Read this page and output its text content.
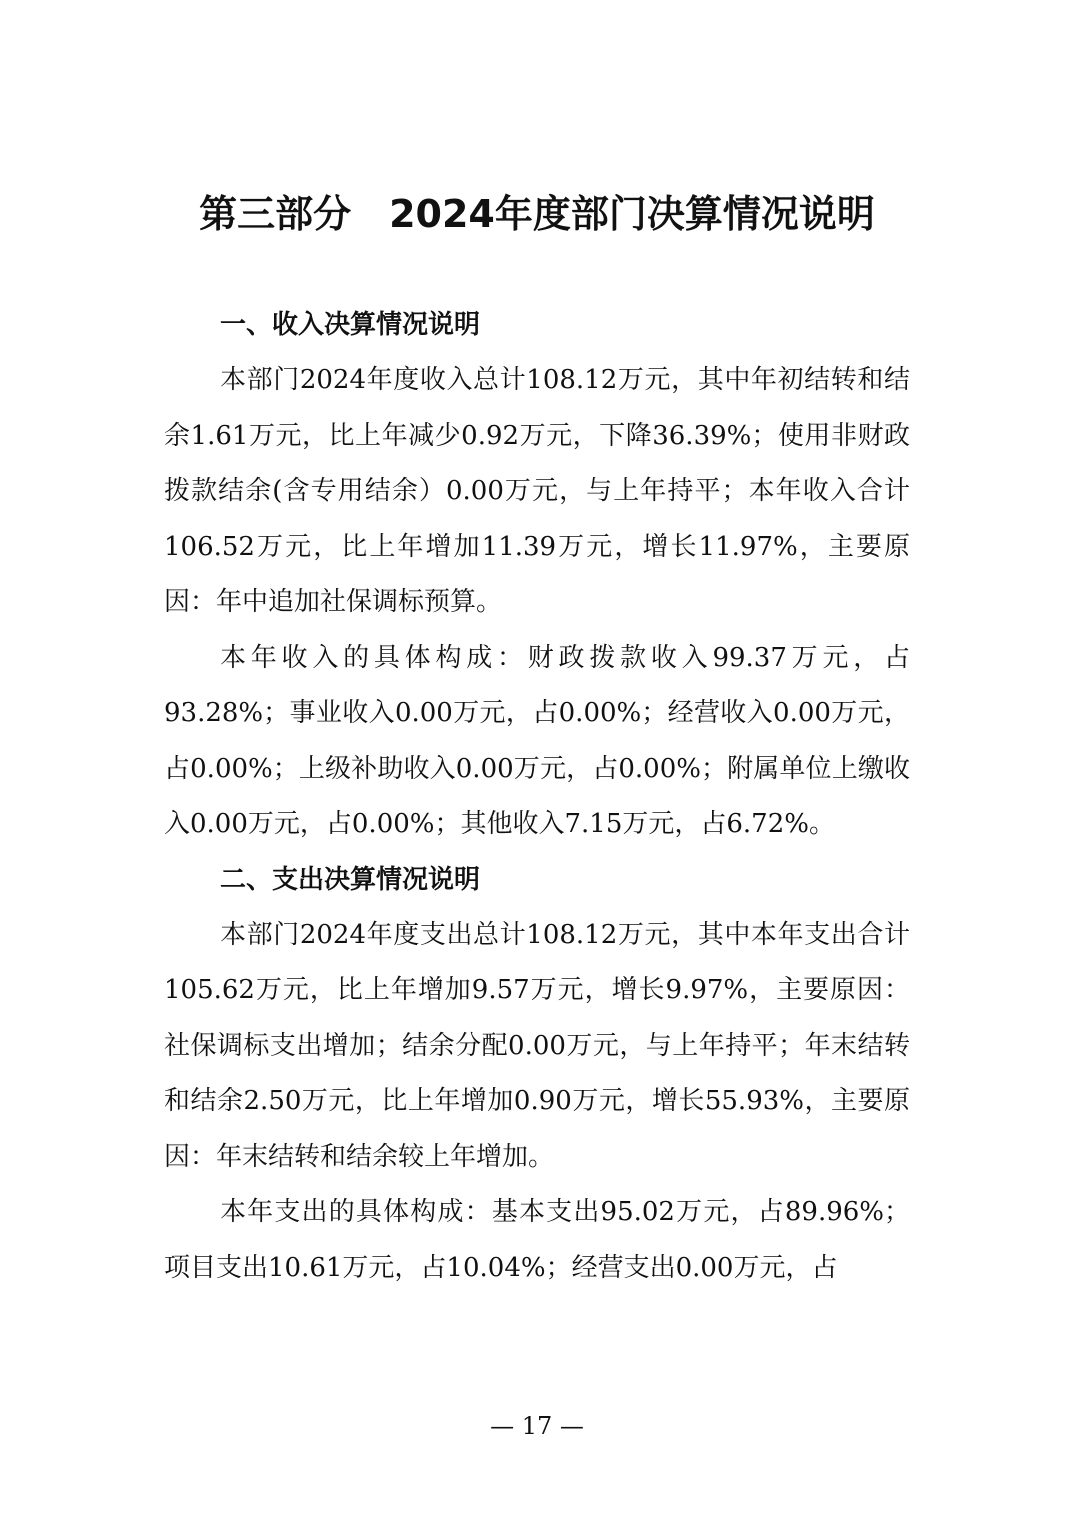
第三部分　2024年度部门决算情况说明
一、收入决算情况说明

本部门2024年度收入总计108.12万元，其中年初结转和结余1.61万元，比上年减少0.92万元，下降36.39%；使用非财政拨款结余(含专用结余）0.00万元，与上年持平；本年收入合计106.52万元，比上年增加11.39万元，增长11.97%，主要原因：年中追加社保调标预算。

本年收入的具体构成：财政拨款收入99.37万元，占93.28%；事业收入0.00万元，占0.00%；经营收入0.00万元，占0.00%；上级补助收入0.00万元，占0.00%；附属单位上缴收入0.00万元，占0.00%；其他收入7.15万元，占6.72%。

二、支出决算情况说明

本部门2024年度支出总计108.12万元，其中本年支出合计105.62万元，比上年增加9.57万元，增长9.97%，主要原因：社保调标支出增加；结余分配0.00万元，与上年持平；年末结转和结余2.50万元，比上年增加0.90万元，增长55.93%，主要原因：年末结转和结余较上年增加。

本年支出的具体构成：基本支出95.02万元，占89.96%；项目支出10.61万元，占10.04%；经营支出0.00万元，占

— 17 —
